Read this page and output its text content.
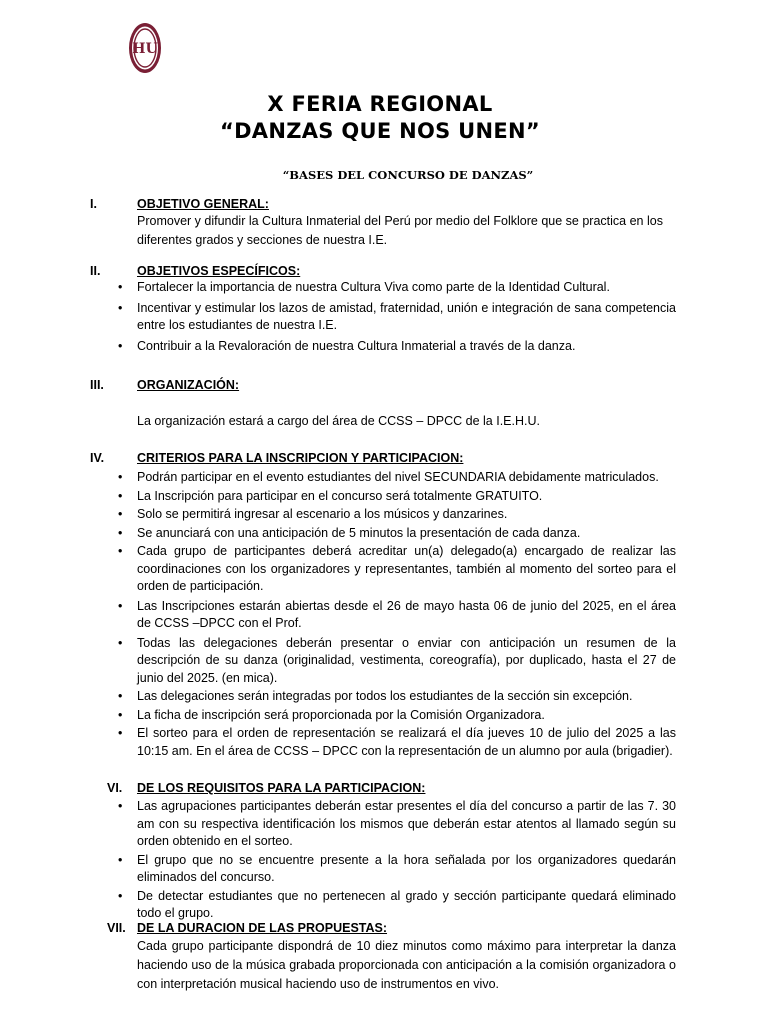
HU
X FERIA REGIONAL
“DANZAS QUE NOS UNEN”
“BASES DEL CONCURSO DE DANZAS”
I.	OBJETIVO GENERAL:
Promover y difundir la Cultura Inmaterial del Perú por medio del Folklore que se practica en los diferentes grados y secciones de nuestra I.E.
II.	OBJETIVOS ESPECÍFICOS:
• Fortalecer la importancia de nuestra Cultura Viva como parte de la Identidad Cultural.
• Incentivar y estimular los lazos de amistad, fraternidad, unión e integración de sana competencia entre los estudiantes de nuestra I.E.
• Contribuir a la Revaloración de nuestra Cultura Inmaterial a través de la danza.
III.	ORGANIZACIÓN:
La organización estará a cargo del área de CCSS – DPCC de la I.E.H.U.
IV.	CRITERIOS PARA LA INSCRIPCION Y PARTICIPACION:
• Podrán participar en el evento estudiantes del nivel SECUNDARIA debidamente matriculados.
• La Inscripción para participar en el concurso será totalmente GRATUITO.
• Solo se permitirá ingresar al escenario a los músicos y danzarines.
• Se anunciará con una anticipación de 5 minutos la presentación de cada danza.
• Cada grupo de participantes deberá acreditar un(a) delegado(a) encargado de realizar las coordinaciones con los organizadores y representantes, también al momento del sorteo para el orden de participación.
• Las Inscripciones estarán abiertas desde el 26 de mayo hasta 06 de junio del 2025, en el área de CCSS –DPCC con el Prof.
• Todas las delegaciones deberán presentar o enviar con anticipación un resumen de la descripción de su danza (originalidad, vestimenta, coreografía), por duplicado, hasta el 27 de junio del 2025. (en mica).
• Las delegaciones serán integradas por todos los estudiantes de la sección sin excepción.
• La ficha de inscripción será proporcionada por la Comisión Organizadora.
• El sorteo para el orden de representación se realizará el día jueves 10 de julio del 2025 a las 10:15 am. En el área de CCSS – DPCC con la representación de un alumno por aula (brigadier).
VI. DE LOS REQUISITOS PARA LA PARTICIPACION:
• Las agrupaciones participantes deberán estar presentes el día del concurso a partir de las 7. 30 am con su respectiva identificación los mismos que deberán estar atentos al llamado según su orden obtenido en el sorteo.
• El grupo que no se encuentre presente a la hora señalada por los organizadores quedarán eliminados del concurso.
• De detectar estudiantes que no pertenecen al grado y sección participante quedará eliminado todo el grupo.
VII. DE LA DURACION DE LAS PROPUESTAS:
Cada grupo participante dispondrá de 10 diez minutos como máximo para interpretar la danza haciendo uso de la música grabada proporcionada con anticipación a la comisión organizadora o con interpretación musical haciendo uso de instrumentos en vivo.
